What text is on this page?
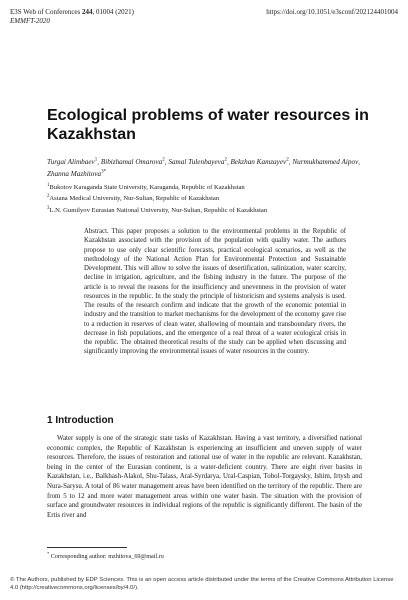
E3S Web of Conferences 244, 01004 (2021)	https://doi.org/10.1051/e3sconf/202124401004
EMMFT-2020
Ecological problems of water resources in Kazakhstan
Turgai Alimbaev$^1$, Bibizhamal Omarova$^2$, Samal Tulenbayeva$^2$, Bekzhan Kamzayev$^2$, Nurmukhammed Aipov, Zhanna Mazhitova$^{3*}$
$^1$Bukotov Karaganda State University, Karaganda, Republic of Kazakhstan
$^2$Astana Medical University, Nur-Sultan, Republic of Kazakhstan
$^3$L.N. Gumilyov Eurasian National University, Nur-Sultan, Republic of Kazakhstan
Abstract. This paper proposes a solution to the environmental problems in the Republic of Kazakhstan associated with the provision of the population with quality water. The authors propose to use only clear scientific forecasts, practical ecological scenarios, as well as the methodology of the National Action Plan for Environmental Protection and Sustainable Development. This will allow to solve the issues of desertification, salinization, water scarcity, decline in irrigation, agriculture, and the fishing industry in the future. The purpose of the article is to reveal the reasons for the insufficiency and unevenness in the provision of water resources in the republic. In the study the principle of historicism and systems analysis is used. The results of the research confirm and indicate that the growth of the economic potential in industry and the transition to market mechanisms for the development of the economy gave rise to a reduction in reserves of clean water, shallowing of mountain and transboundary rivers, the decrease in fish populations, and the emergence of a real threat of a water ecological crisis in the republic. The obtained theoretical results of the study can be applied when discussing and significantly improving the environmental issues of water resources in the country.
1 Introduction

Water supply is one of the strategic state tasks of Kazakhstan. Having a vast territory, a diversified national economic complex, the Republic of Kazakhstan is experiencing an insufficient and uneven supply of water resources. Therefore, the issues of restoration and rational use of water in the republic are relevant. Kazakhstan, being in the center of the Eurasian continent, is a water-deficient country. There are eight river basins in Kazakhstan, i.e., Balkhash-Alakol, Shu-Talass, Aral-Syrdarya, Ural-Caspian, Tobol-Torgaysky, Ishim, Irtysh and Nura-Sarysu. A total of 86 water management areas have been identified on the territory of the republic. There are from 5 to 12 and more water management areas within one water basin. The situation with the provision of surface and groundwater resources in individual regions of the republic is significantly different. The basin of the Ertis river and

* Corresponding author: mzhitova_69@mail.ru
© The Authors, published by EDP Sciences. This is an open access article distributed under the terms of the Creative Commons Attribution License 4.0 (http://creativecommons.org/licenses/by/4.0/).
